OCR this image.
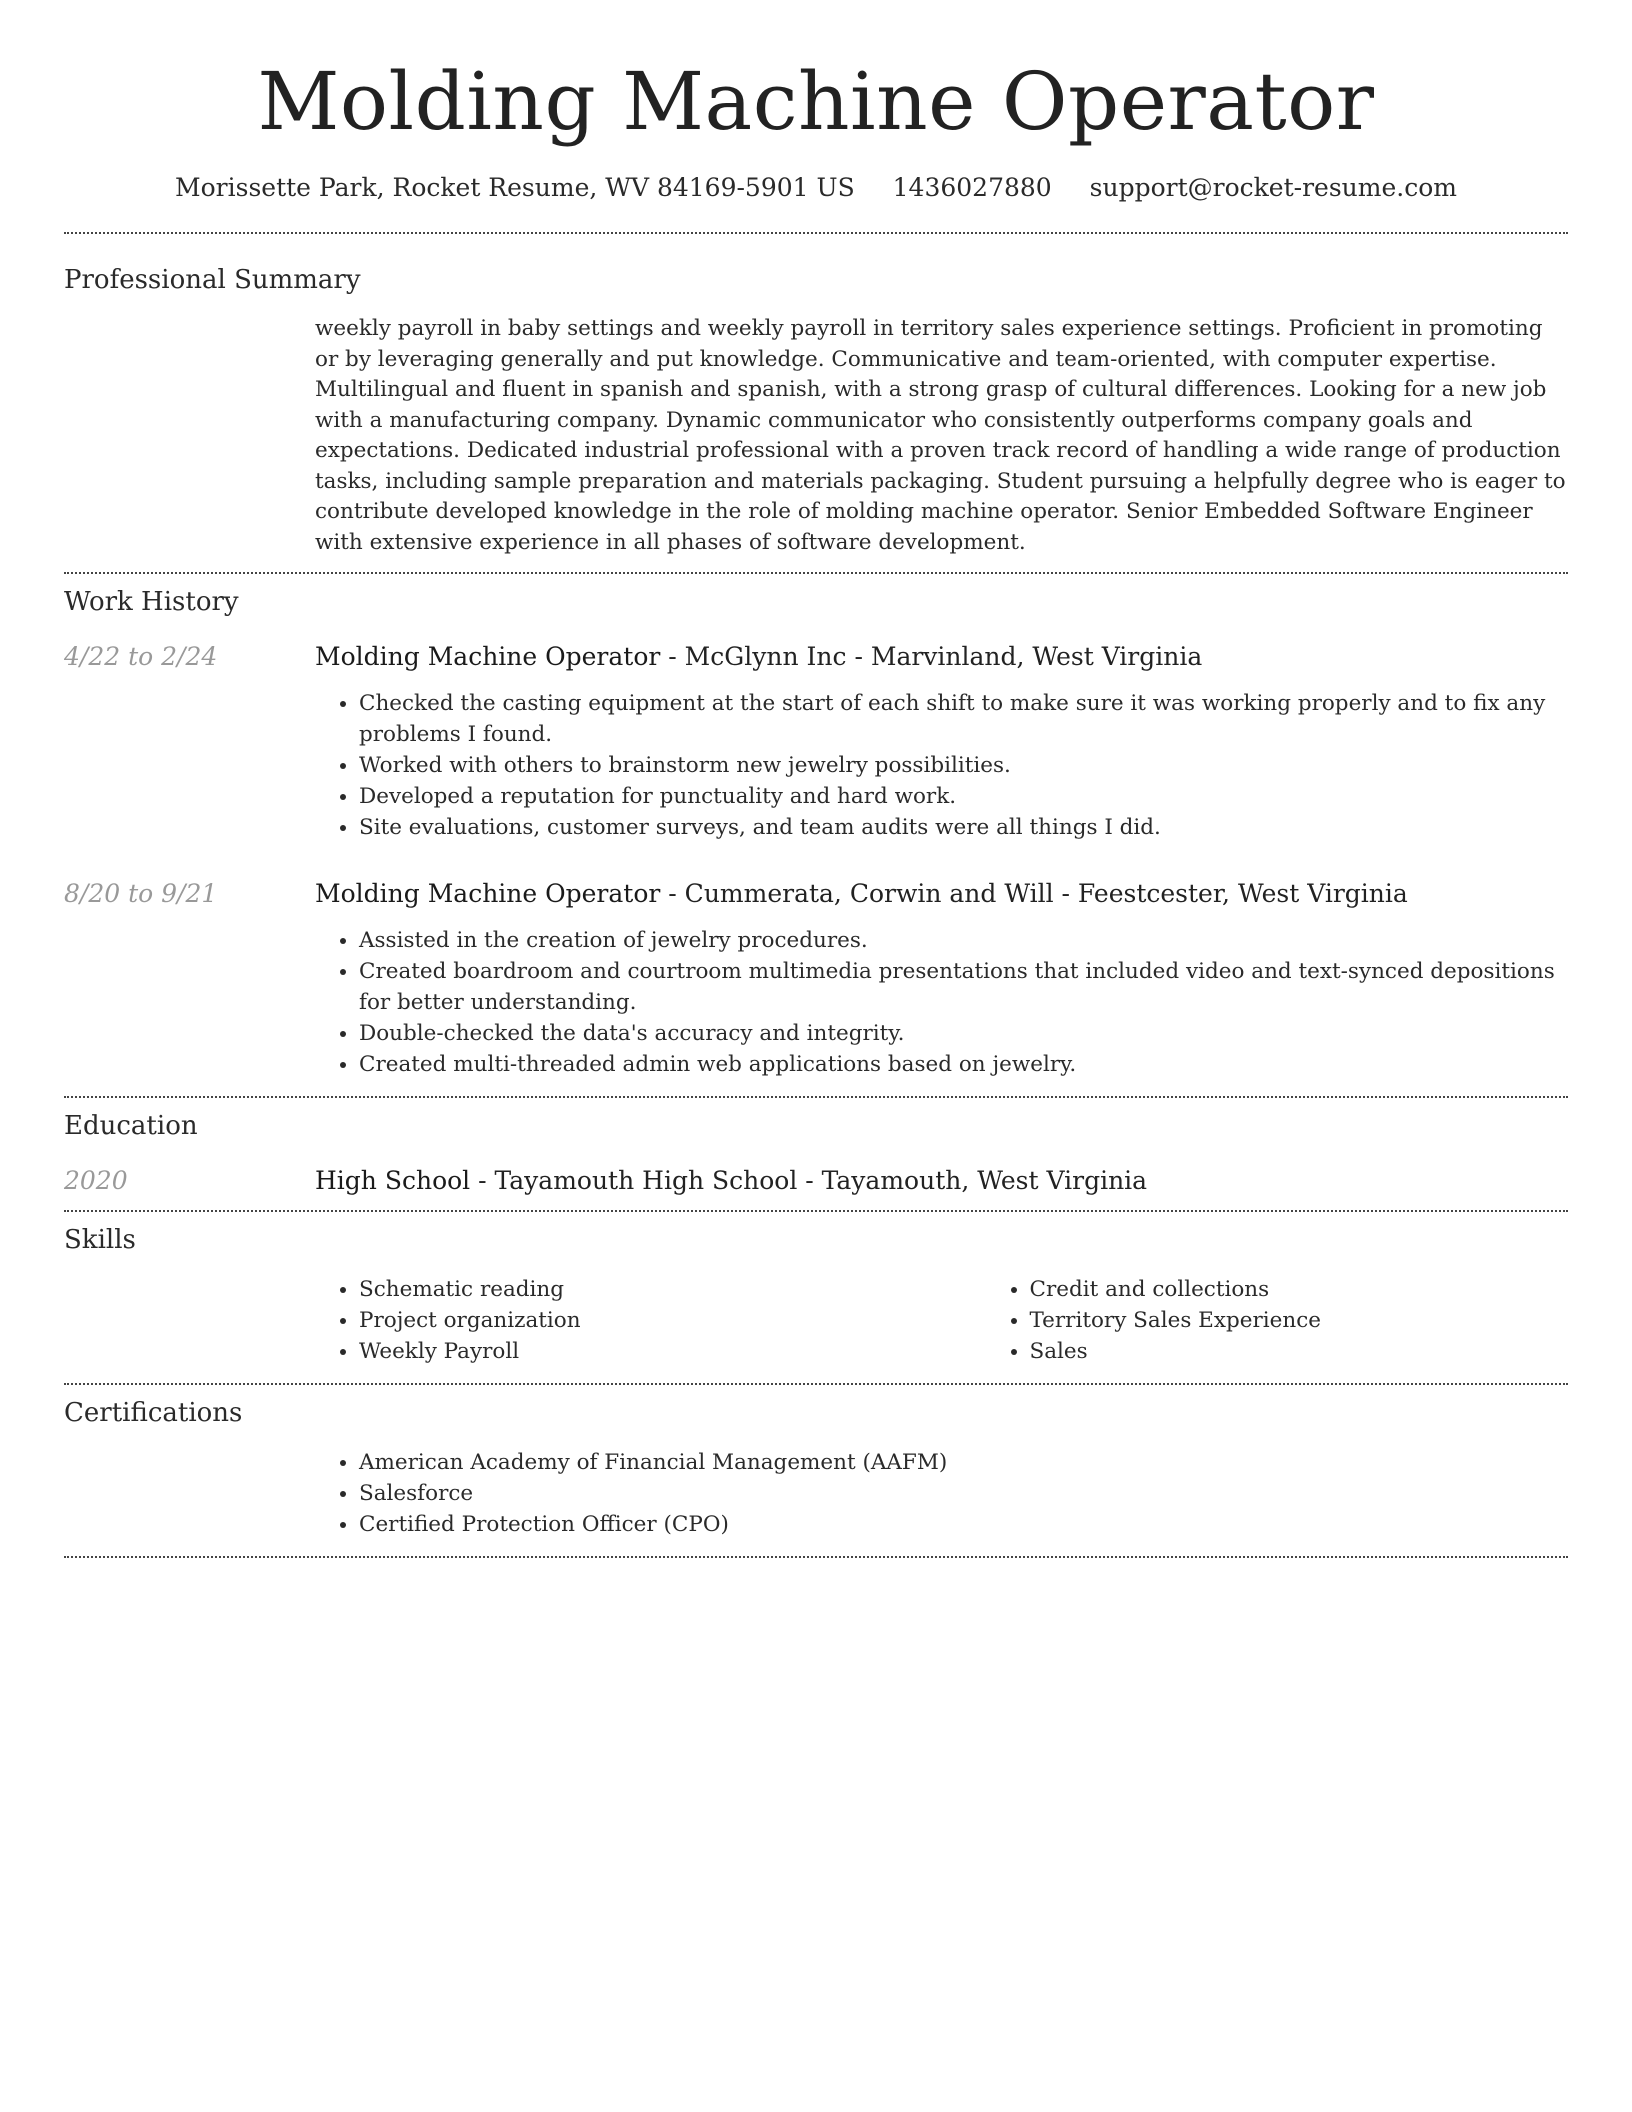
Molding Machine Operator
Morissette Park, Rocket Resume, WV 84169-5901 US 1436027880 support@rocket-resume.com
Professional Summary

weekly payroll in baby settings and weekly payroll in territory sales experience settings. Proficient in promoting or by leveraging generally and put knowledge. Communicative and team-oriented, with computer expertise. Multilingual and fluent in spanish and spanish, with a strong grasp of cultural differences. Looking for a new job with a manufacturing company. Dynamic communicator who consistently outperforms company goals and expectations. Dedicated industrial professional with a proven track record of handling a wide range of production tasks, including sample preparation and materials packaging. Student pursuing a helpfully degree who is eager to contribute developed knowledge in the role of molding machine operator. Senior Embedded Software Engineer with extensive experience in all phases of software development.

Work History
4/22 to 2/24	Molding Machine Operator - McGlynn Inc - Marvinland, West Virginia

• Checked the casting equipment at the start of each shift to make sure it was working properly and to fix any problems I found.
• Worked with others to brainstorm new jewelry possibilities.
• Developed a reputation for punctuality and hard work.
• Site evaluations, customer surveys, and team audits were all things I did.
8/20 to 9/21	Molding Machine Operator - Cummerata, Corwin and Will - Feestcester, West Virginia

• Assisted in the creation of jewelry procedures.
• Created boardroom and courtroom multimedia presentations that included video and text-synced depositions for better understanding.
• Double-checked the data's accuracy and integrity.
• Created multi-threaded admin web applications based on jewelry.
Education
2020	High School - Tayamouth High School - Tayamouth, West Virginia

Skills
• Schematic reading
• Project organization
• Weekly Payroll
• Credit and collections
• Territory Sales Experience
• Sales
Certifications
• American Academy of Financial Management (AAFM)
• Salesforce
• Certified Protection Officer (CPO)
